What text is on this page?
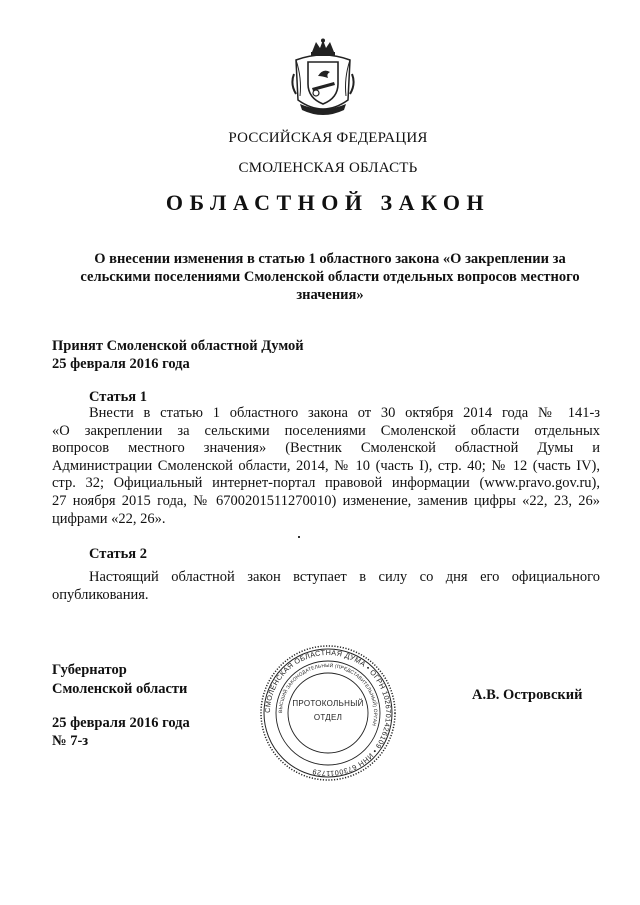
РОССИЙСКАЯ ФЕДЕРАЦИЯ
СМОЛЕНСКАЯ ОБЛАСТЬ
ОБЛАСТНОЙ ЗАКОН
О внесении изменения в статью 1 областного закона «О закреплении за
сельскими поселениями Смоленской области отдельных вопросов местного
значения»
Принят Смоленской областной Думой
25 февраля 2016 года
Статья 1
Внести в статью 1 областного закона от 30 октября 2014 года № 141-з
«О закреплении за сельскими поселениями Смоленской области отдельных
вопросов местного значения» (Вестник Смоленской областной Думы и
Администрации Смоленской области, 2014, № 10 (часть I), стр. 40; № 12 (часть IV),
стр. 32; Официальный интернет-портал правовой информации (www.pravo.gov.ru),
27 ноября 2015 года, № 6700201511270010) изменение, заменив цифры «22, 23, 26»
цифрами «22, 26».
Статья 2
Настоящий областной закон вступает в силу со дня его официального
опубликования.
Губернатор
Смоленской области	А.В. Островский
25 февраля 2016 года
№ 7-з
СМОЛЕНСКАЯ ОБЛАСТНАЯ ДУМА • ОГРН 1026701426109 • ИНН 6730011729
ВЫСШИЙ ЗАКОНОДАТЕЛЬНЫЙ (ПРЕДСТАВИТЕЛЬНЫЙ) ОРГАН
ПРОТОКОЛЬНЫЙ
ОТДЕЛ
